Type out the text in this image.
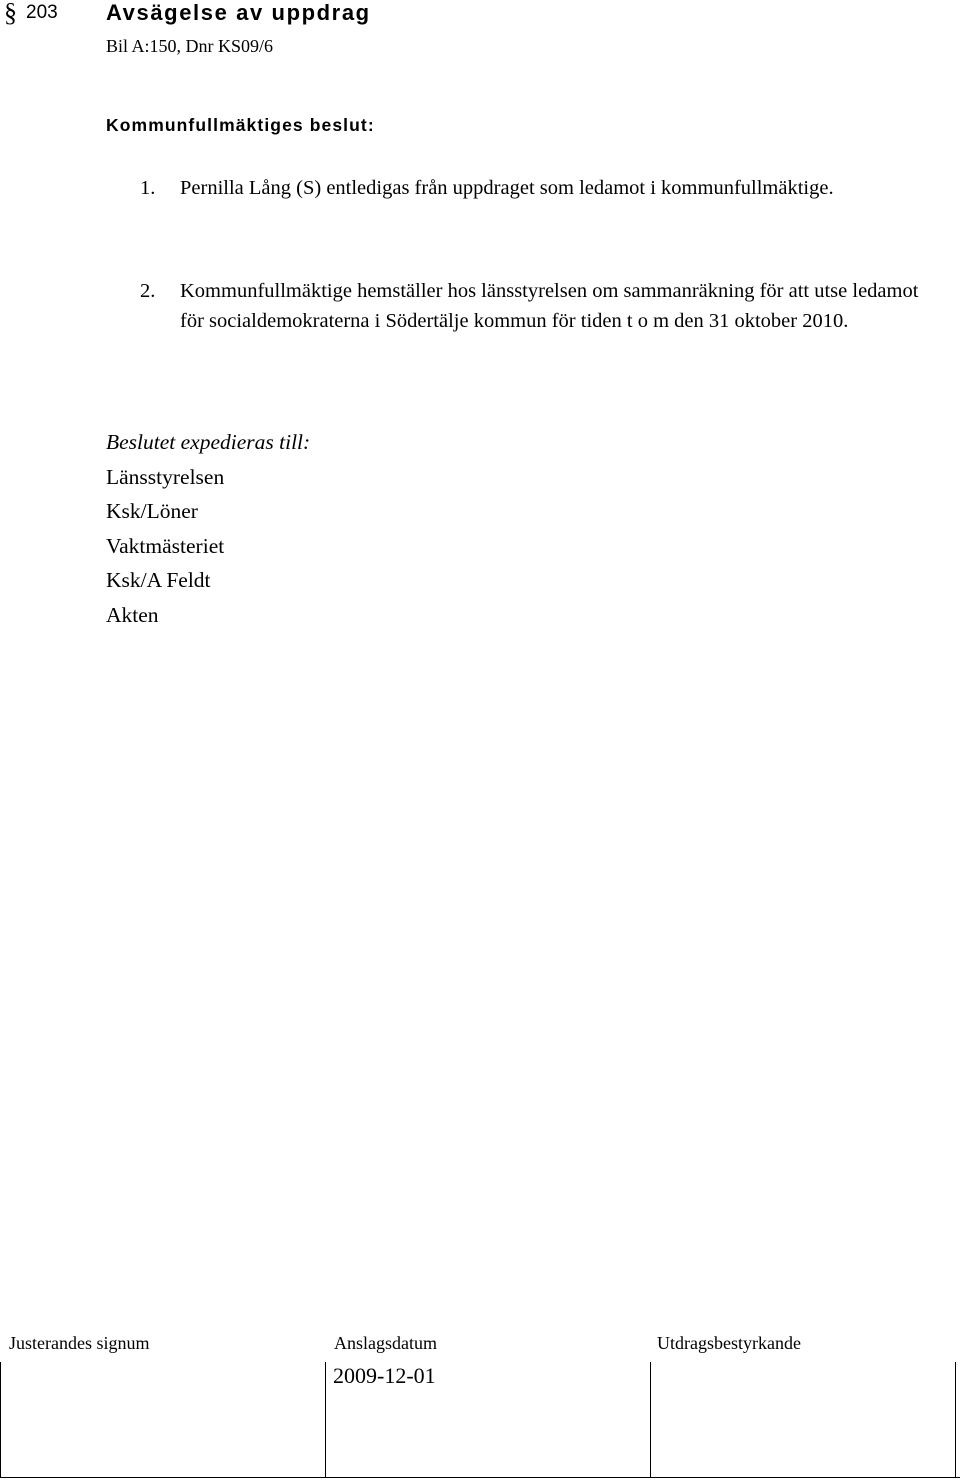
§ 203 Avsägelse av uppdrag
Bil A:150, Dnr KS09/6
Kommunfullmäktiges beslut:
1. Pernilla Lång (S) entledigas från uppdraget som ledamot i kommunfullmäktige.
2. Kommunfullmäktige hemställer hos länsstyrelsen om sammanräkning för att utse ledamot för socialdemokraterna i Södertälje kommun för tiden t o m den 31 oktober 2010.
Beslutet expedieras till:
Länsstyrelsen
Ksk/Löner
Vaktmästeriet
Ksk/A Feldt
Akten
Justerandes signum	Anslagsdatum	Utdragsbestyrkande
2009-12-01
